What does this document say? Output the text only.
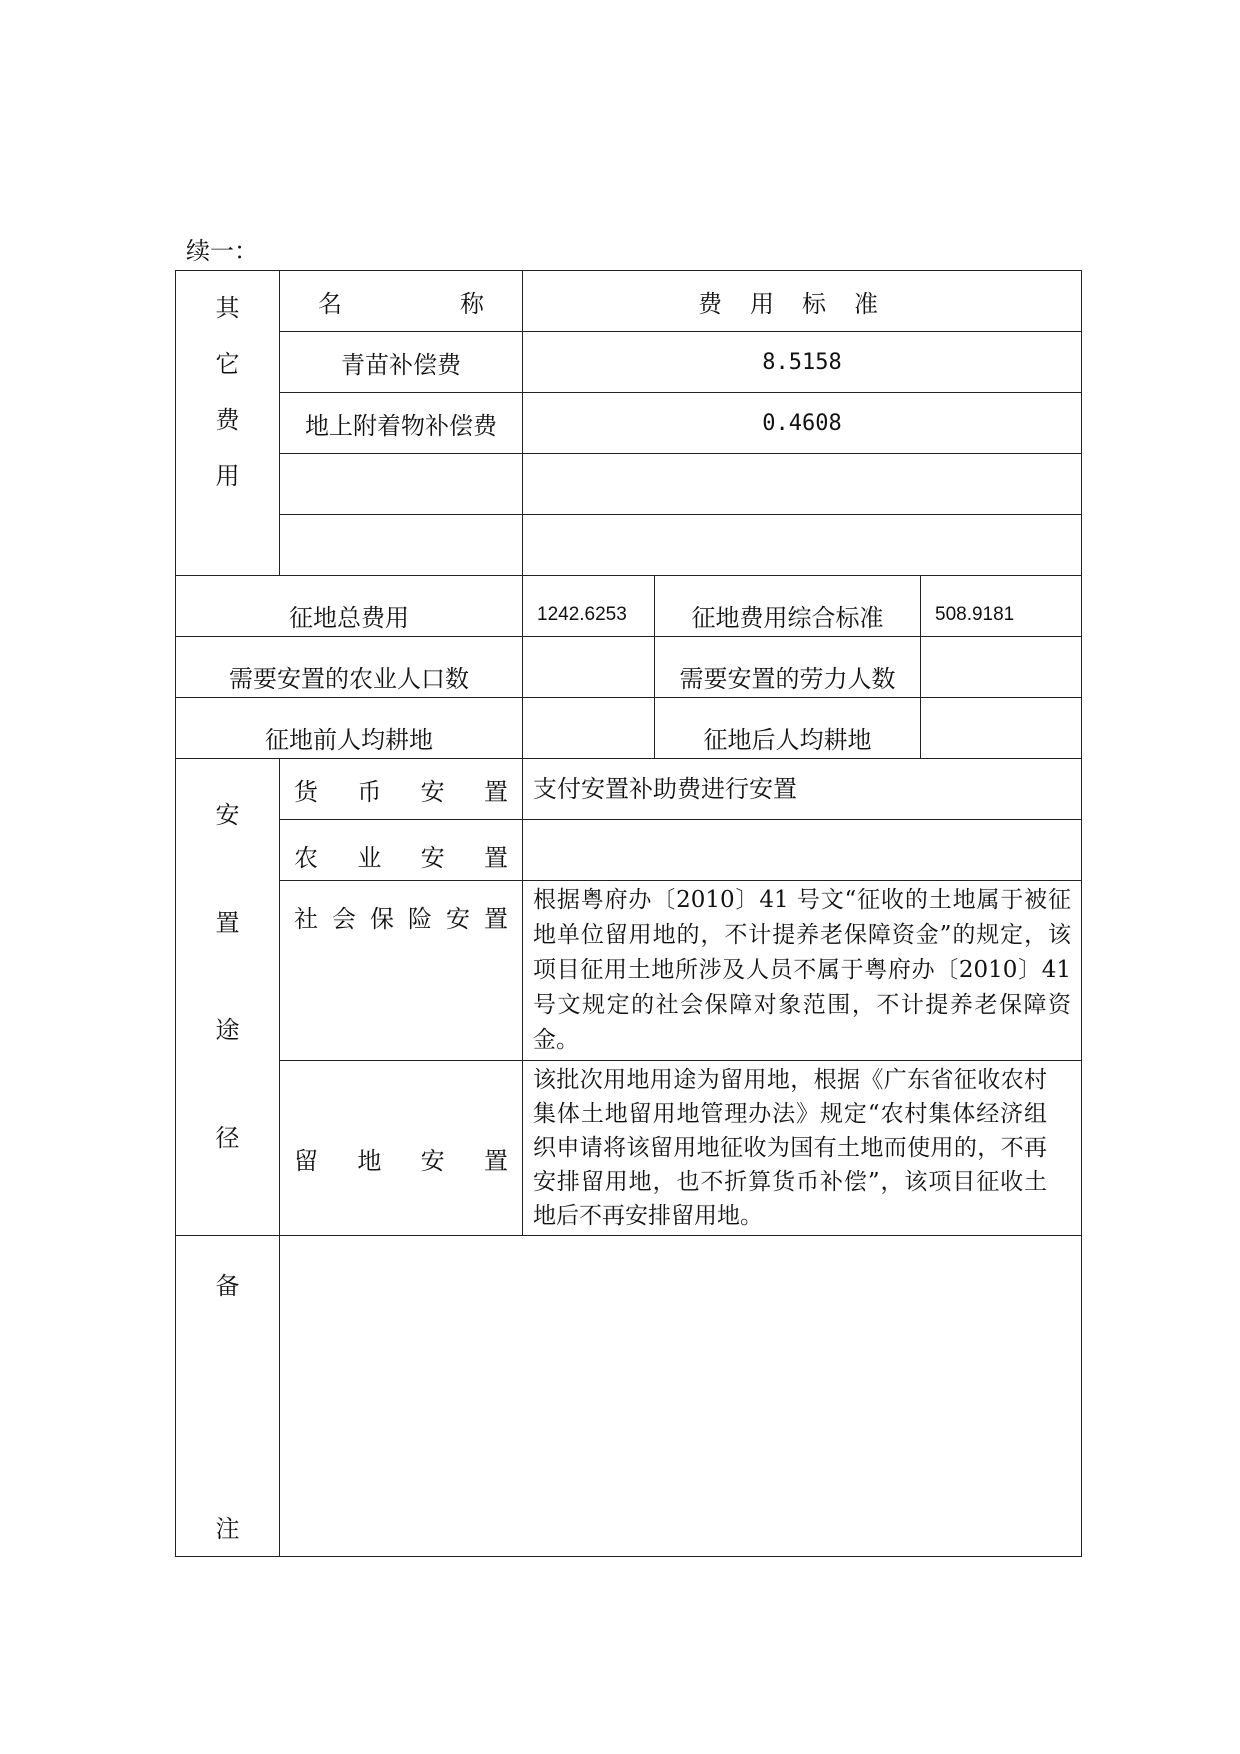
续一：
其
它
费
用	名称	费用标准		
	青苗补偿费	8.5158		
	地上附着物补偿费	0.4608		

征地总费用		1242.6253	征地费用综合标准	508.9181
需要安置的农业人口数			需要安置的劳力人数	
征地前人均耕地			征地后人均耕地	

安
置
途
径	货币安置	支付安置补助费进行安置		
	农业安置			

	社会保险安置	根据粤府办〔2010〕41 号文“征收的土地属于被征地单位留用地的，不计提养老保障资金”的规定，该项目征用土地所涉及人员不属于粤府办〔2010〕41 号文规定的社会保障对象范围，不计提养老保障资金。		
	留地安置	该批次用地用途为留用地，根据《广东省征收农村集体土地留用地管理办法》规定“农村集体经济组织申请将该留用地征收为国有土地而使用的，不再安排留用地，也不折算货币补偿”，该项目征收土地后不再安排留用地。		

备
注				
